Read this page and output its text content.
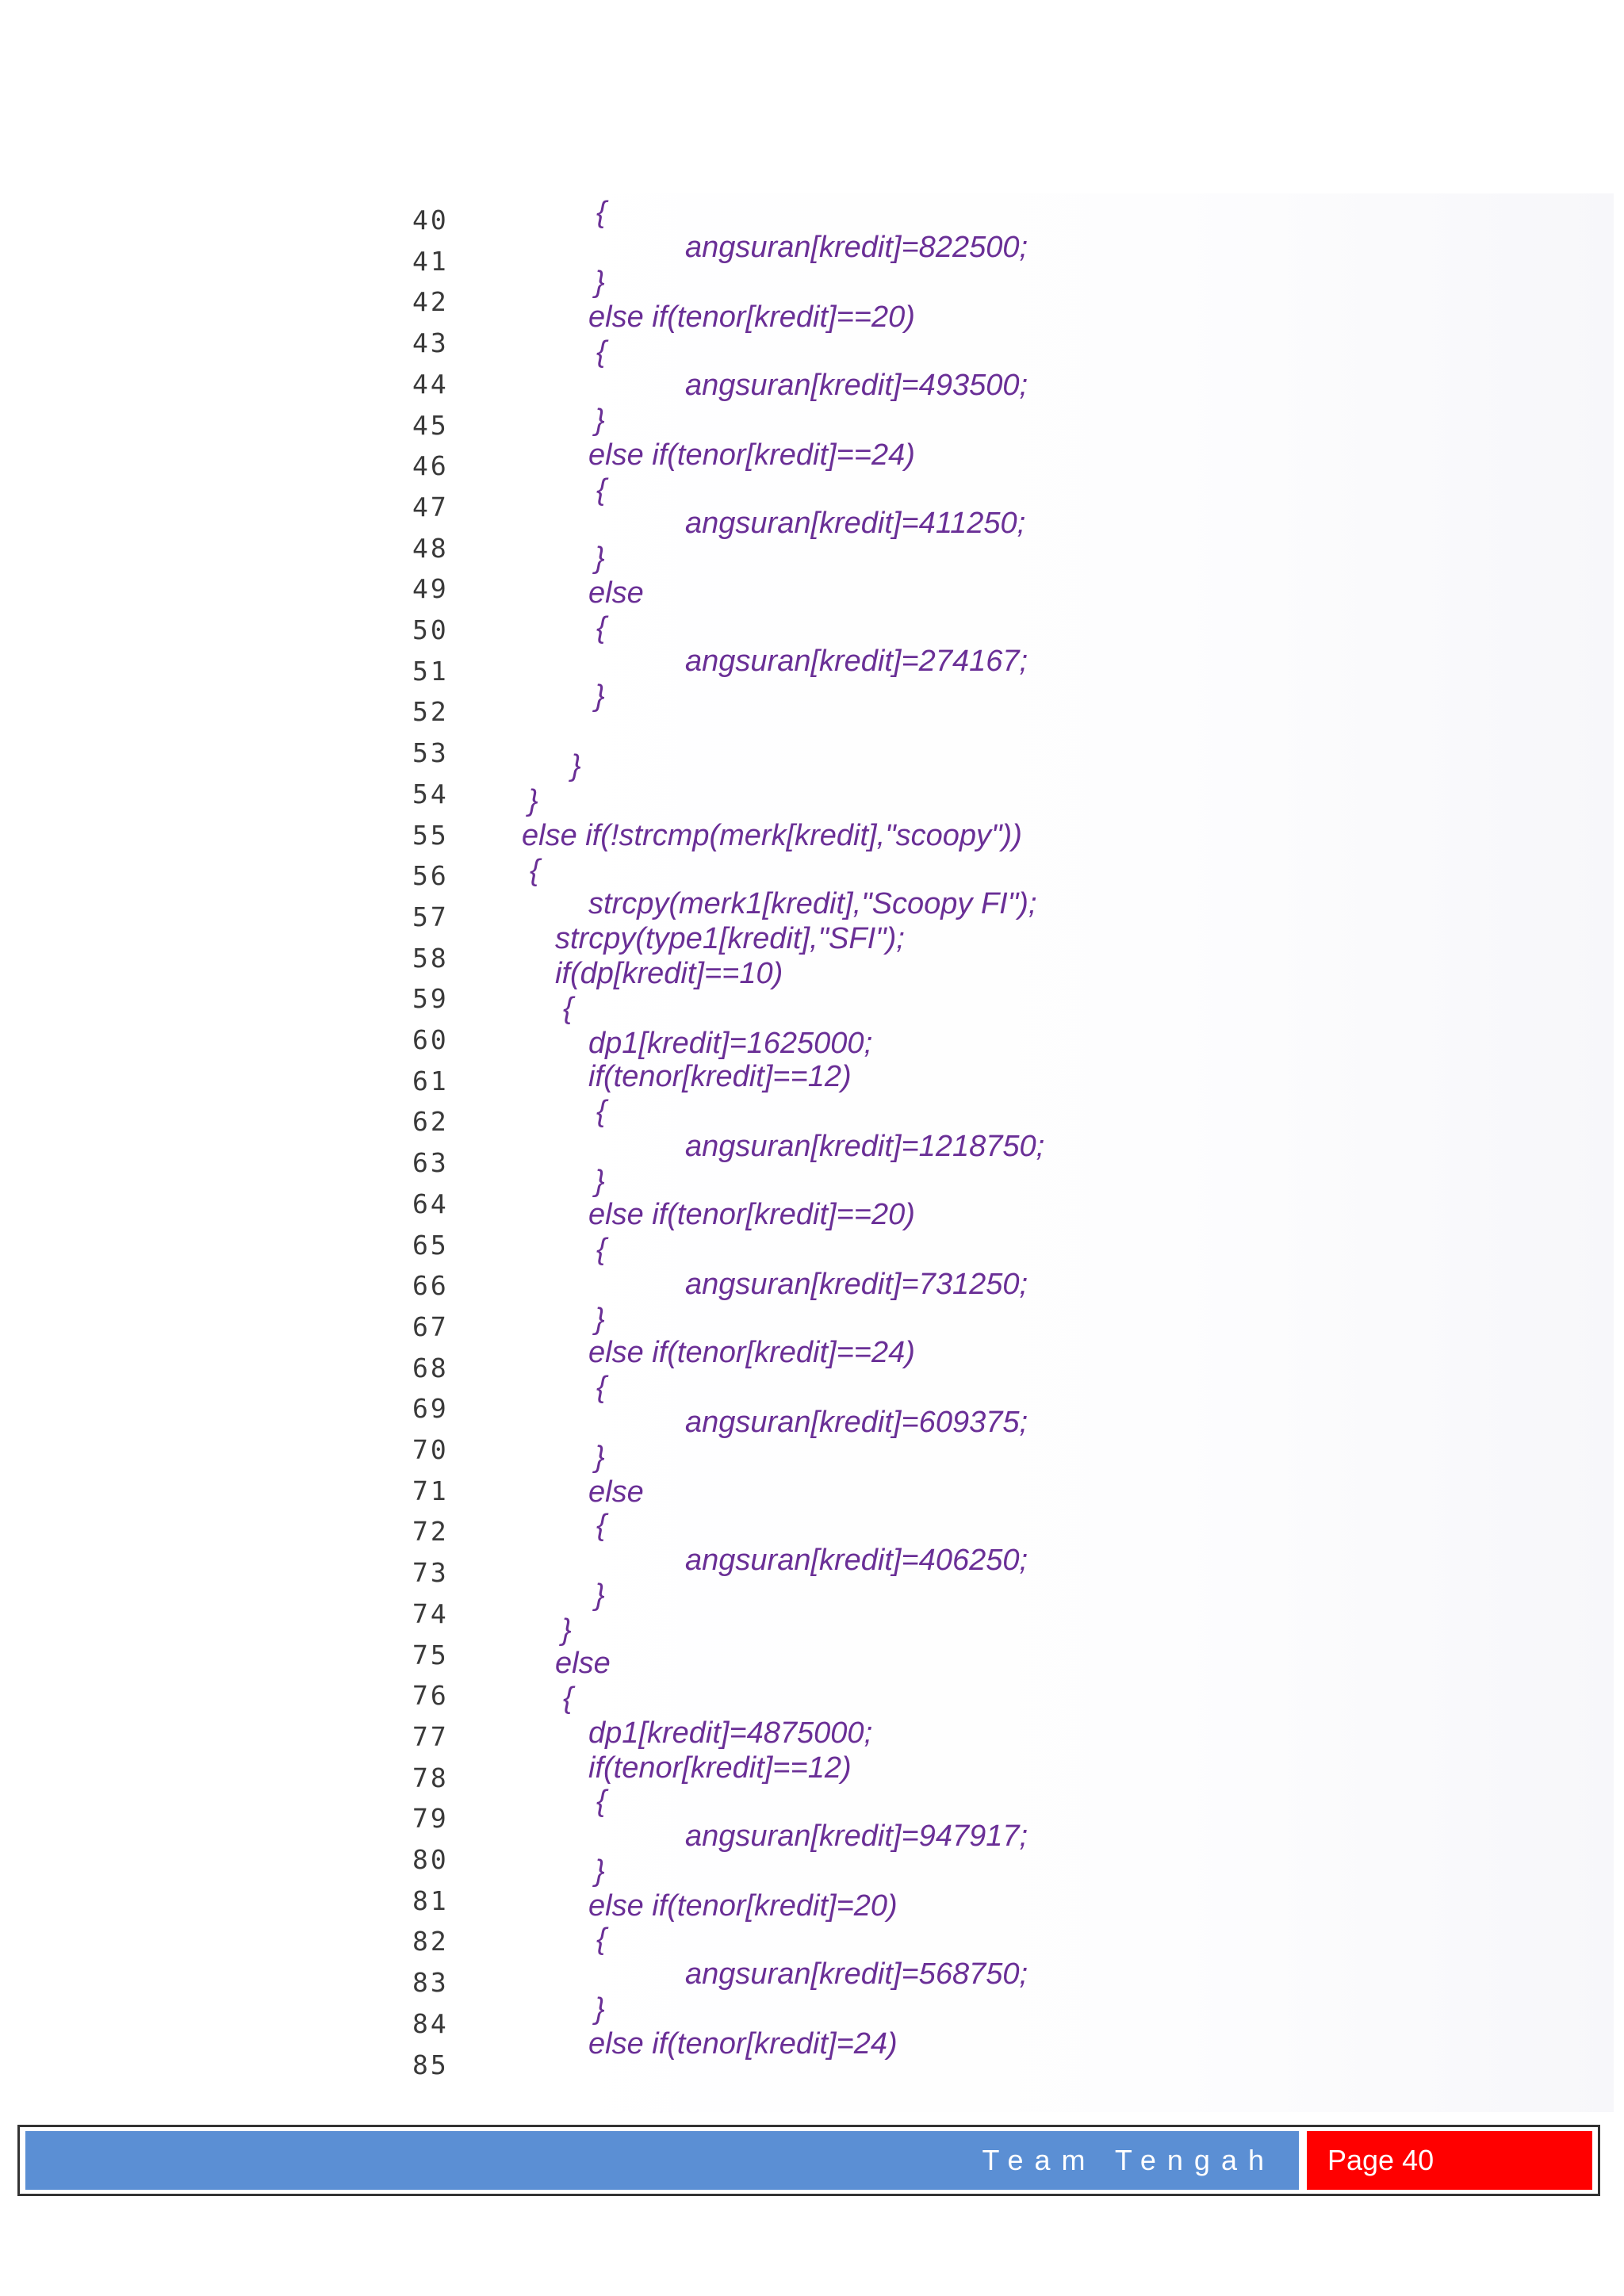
40
41
42
43
44
45
46
47
48
49
50
51
52
53
54
55
56
57
58
59
60
61
62
63
64
65
66
67
68
69
70
71
72
73
74
75
76
77
78
79
80
81
82
83
84
85
{
angsuran[kredit]=822500;
}
else if(tenor[kredit]==20)
{
angsuran[kredit]=493500;
}
else if(tenor[kredit]==24)
{
angsuran[kredit]=411250;
}
else
{
angsuran[kredit]=274167;
}
}
}
else if(!strcmp(merk[kredit],"scoopy"))
{
strcpy(merk1[kredit],"Scoopy FI");
strcpy(type1[kredit],"SFI");
if(dp[kredit]==10)
{
dp1[kredit]=1625000;
if(tenor[kredit]==12)
{
angsuran[kredit]=1218750;
}
else if(tenor[kredit]==20)
{
angsuran[kredit]=731250;
}
else if(tenor[kredit]==24)
{
angsuran[kredit]=609375;
}
else
{
angsuran[kredit]=406250;
}
}
else
{
dp1[kredit]=4875000;
if(tenor[kredit]==12)
{
angsuran[kredit]=947917;
}
else if(tenor[kredit]=20)
{
angsuran[kredit]=568750;
}
else if(tenor[kredit]=24)
Team Tengah Page 40
